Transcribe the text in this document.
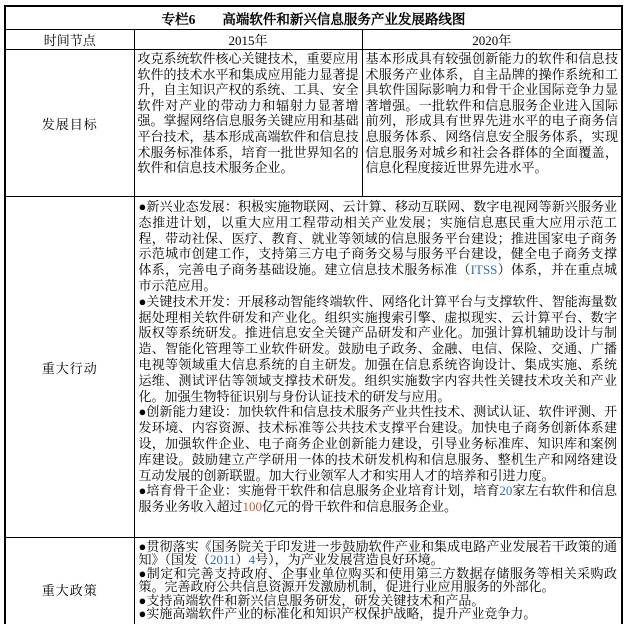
专栏6　　高端软件和新兴信息服务产业发展路线图		
时间节点	2015年	2020年
发展目标	攻克系统软件核心关键技术，重要应用软件的技术水平和集成应用能力显著提升，自主知识产权的系统、工具、安全软件对产业的带动力和辐射力显著增强。掌握网络信息服务关键应用和基础平台技术，基本形成高端软件和信息技术服务标准体系，培育一批世界知名的软件和信息技术服务企业。	基本形成具有较强创新能力的软件和信息技术服务产业体系，自主品牌的操作系统和工具软件国际影响力和骨干企业国际竞争力显著增强。一批软件和信息服务企业进入国际前列，形成具有世界先进水平的电子商务信息服务体系、网络信息安全服务体系，实现信息服务对城乡和社会各群体的全面覆盖，信息化程度接近世界先进水平。
重大行动	●新兴业态发展：积极实施物联网、云计算、移动互联网、数字电视网等新兴服务业态推进计划，以重大应用工程带动相关产业发展；实施信息惠民重大应用示范工程，带动社保、医疗、教育、就业等领域的信息服务平台建设；推进国家电子商务示范城市创建工作，支持第三方电子商务交易与服务平台建设，健全电子商务支撑体系，完善电子商务基础设施。建立信息技术服务标准（ITSS）体系，并在重点城市示范应用。

●关键技术开发：开展移动智能终端软件、网络化计算平台与支撑软件、智能海量数据处理相关软件研发和产业化。组织实施搜索引擎、虚拟现实、云计算平台、数字版权等系统研发。推进信息安全关键产品研发和产业化。加强计算机辅助设计与制造、智能化管理等工业软件研发。鼓励电子政务、金融、电信、保险、交通、广播电视等领域重大信息系统的自主研发。加强在信息系统咨询设计、集成实施、系统运维、测试评估等领域支撑技术研发。组织实施数字内容共性关键技术攻关和产业化。加强生物特征识别与身份认证技术的研发与应用。

●创新能力建设：加快软件和信息技术服务产业共性技术、测试认证、软件评测、开发环境、内容资源、技术标准等公共技术支撑平台建设。加快电子商务创新体系建设，加强软件企业、电子商务企业创新能力建设，引导业务标准库、知识库和案例库建设。鼓励建立产学研用一体的技术研发机构和信息服务、整机生产和网络建设互动发展的创新联盟。加大行业领军人才和实用人才的培养和引进力度。

●培育骨干企业：实施骨干软件和信息服务企业培育计划，培育20家左右软件和信息服务业务收入超过100亿元的骨干软件和信息服务企业。	

重大政策	●贯彻落实《国务院关于印发进一步鼓励软件产业和集成电路产业发展若干政策的通知》（国发（2011）4号），为产业发展营造良好环境。

●制定和完善支持政府、企事业单位购买和使用第三方数据存储服务等相关采购政策。完善政府公共信息资源开发激励机制，促进行业应用服务的外部化。

●支持高端软件和新兴信息服务研发，研发关键技术和产品。

●实施高端软件产业的标准化和知识产权保护战略，提升产业竞争力。	
